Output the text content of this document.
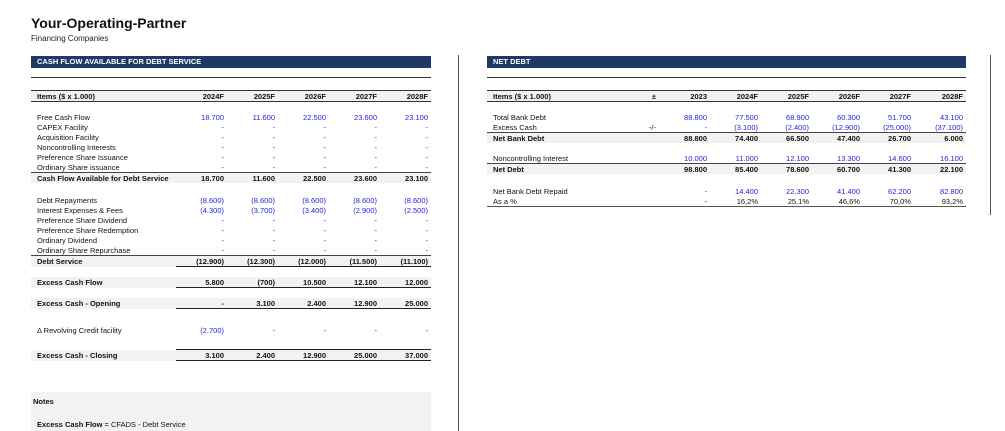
Your-Operating-Partner
Financing Companies
CASH FLOW AVAILABLE FOR DEBT SERVICE
Items ($ x 1.000)	2024F	2025F	2026F	2027F	2028F

Free Cash Flow	18.700	11.600	22.500	23.600	23.100
CAPEX Facility	-	-	-	-	-
Acquisition Facility	-	-	-	-	-
Noncontrolling Interests	-	-	-	-	-
Preference Share Issuance	-	-	-	-	-
Ordinary Share issuance	-	-	-	-	-
Cash Flow Available for Debt Service	18.700	11.600	22.500	23.600	23.100

Debt Repayments	(8.600)	(8.600)	(8.600)	(8.600)	(8.600)
Interest Expenses & Fees	(4.300)	(3.700)	(3.400)	(2.900)	(2.500)
Preference Share Dividend	-	-	-	-	-
Preference Share Redemption	-	-	-	-	-
Ordinary Dividend	-	-	-	-	-
Ordinary Share Repurchase	-	-	-	-	-
Debt Service	(12.900)	(12.300)	(12.000)	(11.500)	(11.100)

Excess Cash Flow	5.800	(700)	10.500	12.100	12.000

Excess Cash - Opening	-	3.100	2.400	12.900	25.000

Δ Revolving Credit facility	(2.700)	-	-	-	-

Excess Cash - Closing	3.100	2.400	12.900	25.000	37.000
NET DEBT
Items ($ x 1.000)	±	2023	2024F	2025F	2026F	2027F	2028F

Total Bank Debt		88.800	77.500	68.900	60.300	51.700	43.100
Excess Cash	-/-	-	(3.100)	(2.400)	(12.900)	(25.000)	(37.100)
Net Bank Debt		88.800	74.400	66.500	47.400	26.700	6.000

Noncontrolling Interest		10.000	11.000	12.100	13.300	14.600	16.100
Net Debt		98.800	85.400	78.600	60.700	41.300	22.100

Net Bank Debt Repaid		-	14.400	22.300	41.400	62.200	82.800
As a %		-	16,2%	25,1%	46,6%	70,0%	93,2%
Notes
Excess Cash Flow = CFADS - Debt Service
